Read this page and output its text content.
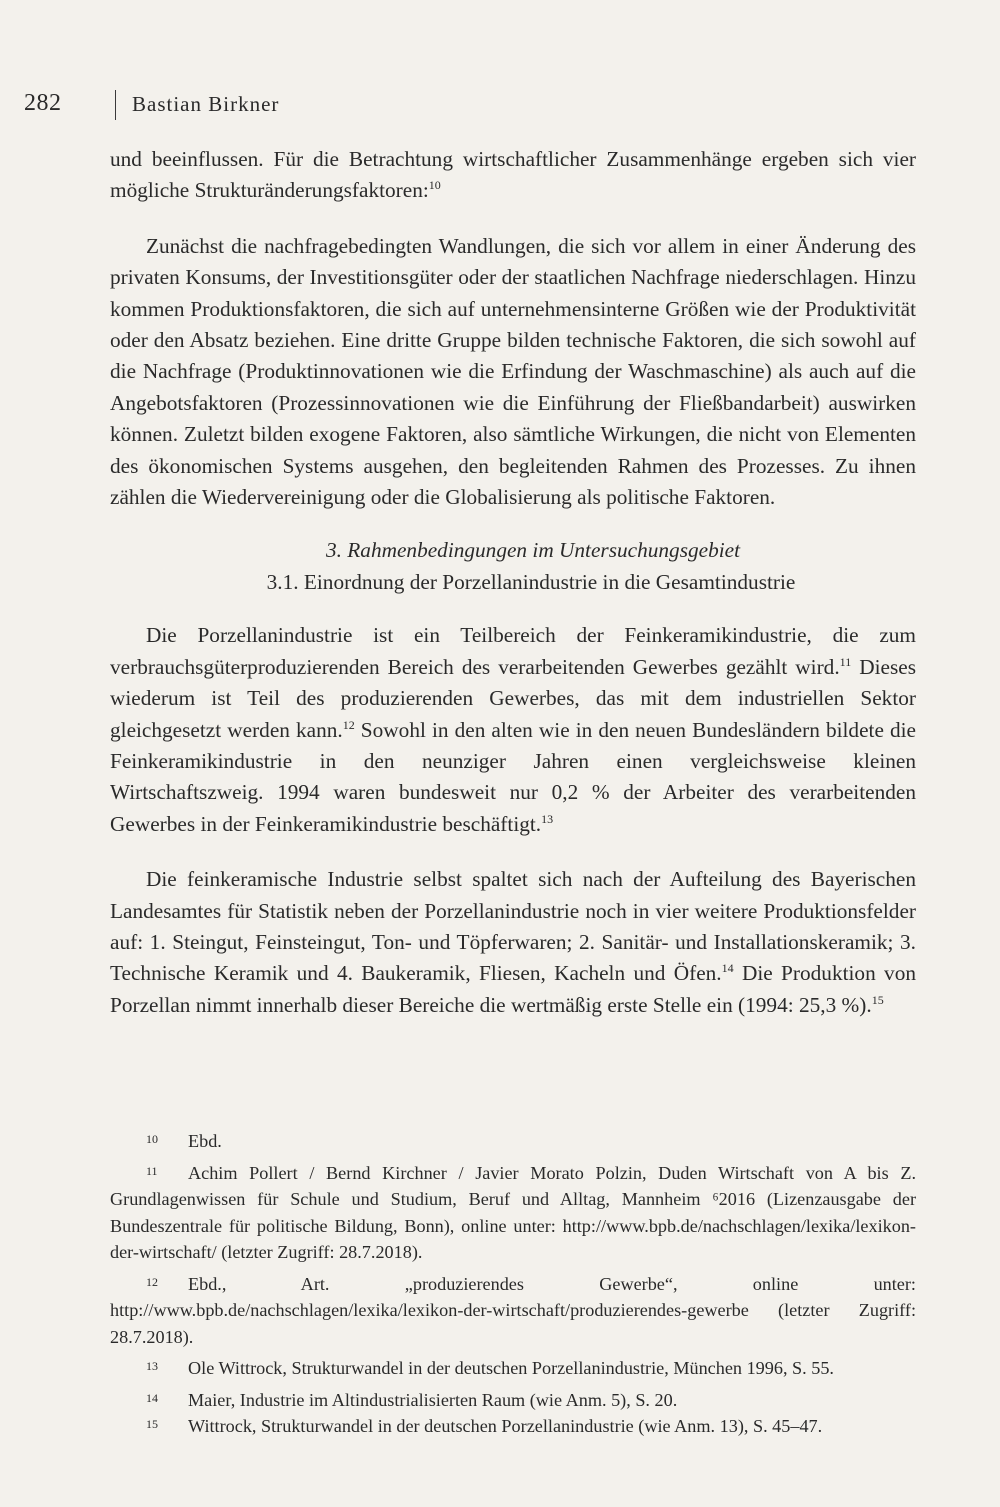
282	Bastian Birkner

und beeinflussen. Für die Betrachtung wirtschaftlicher Zusammenhänge ergeben sich vier mögliche Strukturänderungsfaktoren:$^{10}$

Zunächst die nachfragebedingten Wandlungen, die sich vor allem in einer Änderung des privaten Konsums, der Investitionsgüter oder der staatlichen Nachfrage niederschlagen. Hinzu kommen Produktionsfaktoren, die sich auf unternehmensinterne Größen wie der Produktivität oder den Absatz beziehen. Eine dritte Gruppe bilden technische Faktoren, die sich sowohl auf die Nachfrage (Produktinnovationen wie die Erfindung der Waschmaschine) als auch auf die Angebotsfaktoren (Prozessinnovationen wie die Einführung der Fließbandarbeit) auswirken können. Zuletzt bilden exogene Faktoren, also sämtliche Wirkungen, die nicht von Elementen des ökonomischen Systems ausgehen, den begleitenden Rahmen des Prozesses. Zu ihnen zählen die Wiedervereinigung oder die Globalisierung als politische Faktoren.

3. Rahmenbedingungen im Untersuchungsgebiet

3.1. Einordnung der Porzellanindustrie in die Gesamtindustrie

Die Porzellanindustrie ist ein Teilbereich der Feinkeramikindustrie, die zum verbrauchsgüterproduzierenden Bereich des verarbeitenden Gewerbes gezählt wird.$^{11}$ Dieses wiederum ist Teil des produzierenden Gewerbes, das mit dem industriellen Sektor gleichgesetzt werden kann.$^{12}$ Sowohl in den alten wie in den neuen Bundesländern bildete die Feinkeramikindustrie in den neunziger Jahren einen vergleichsweise kleinen Wirtschaftszweig. 1994 waren bundesweit nur 0,2 % der Arbeiter des verarbeitenden Gewerbes in der Feinkeramikindustrie beschäftigt.$^{13}$

Die feinkeramische Industrie selbst spaltet sich nach der Aufteilung des Bayerischen Landesamtes für Statistik neben der Porzellanindustrie noch in vier weitere Produktionsfelder auf: 1. Steingut, Feinsteingut, Ton- und Töpferwaren; 2. Sanitär- und Installationskeramik; 3. Technische Keramik und 4. Baukeramik, Fliesen, Kacheln und Öfen.$^{14}$ Die Produktion von Porzellan nimmt innerhalb dieser Bereiche die wertmäßig erste Stelle ein (1994: 25,3 %).$^{15}$

10	Ebd.
11	Achim Pollert / Bernd Kirchner / Javier Morato Polzin, Duden Wirtschaft von A bis Z. Grundlagenwissen für Schule und Studium, Beruf und Alltag, Mannheim ⁶2016 (Lizenzausgabe der Bundeszentrale für politische Bildung, Bonn), online unter: http://www.bpb.de/nachschlagen/lexika/lexikon-der-wirtschaft/ (letzter Zugriff: 28.7.2018).
12	Ebd., Art. „produzierendes Gewerbe“, online unter: http://www.bpb.de/nachschlagen/lexika/lexikon-der-wirtschaft/produzierendes-gewerbe (letzter Zugriff: 28.7.2018).
13	Ole Wittrock, Strukturwandel in der deutschen Porzellanindustrie, München 1996, S. 55.
14	Maier, Industrie im Altindustrialisierten Raum (wie Anm. 5), S. 20.
15	Wittrock, Strukturwandel in der deutschen Porzellanindustrie (wie Anm. 13), S. 45–47.
